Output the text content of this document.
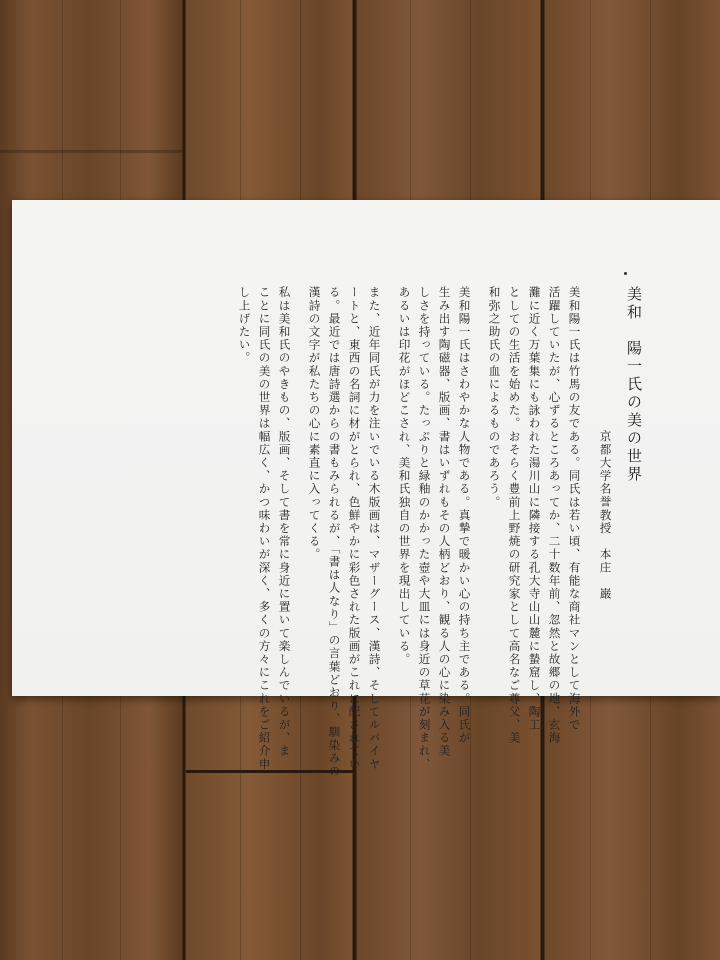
美和　陽一氏の美の世界
京都大学名誉教授
本庄　巌
美和陽一氏は竹馬の友である。同氏は若い頃、有能な商社マンとして海外で
活躍していたが、心ずるところあってか、二十数年前、忽然と故郷の地、玄海
灘に近く万葉集にも詠われた湯川山に隣接する孔大寺山山麓に蟄窟し、陶工
としての生活を始めた。おそらく豊前上野焼の研究家として高名なご尊父、美
和弥之助氏の血によるものであろう。
美和陽一氏はさわやかな人物である。真摯で暖かい心の持ち主である。同氏が
生み出す陶磁器、版画、書はいずれもその人柄どおり、観る人の心に染み入る美
しさを持っている。たっぷりと緑釉のかかった壺や大皿には身近の草花が刻まれ、
あるいは印花がほどこされ、美和氏独自の世界を現出している。
また、近年同氏が力を注いでいる木版画は、マザーグース、漢詩、そしてルバイヤ
ートと、東西の名詞に材がとられ、色鮮やかに彩色された版画がこれに配されてい
る。最近では唐詩選からの書もみられるが、「書は人なり」の言葉どおり、馴染みの
漢詩の文字が私たちの心に素直に入ってくる。
私は美和氏のやきもの、版画、そして書を常に身近に置いて楽しんでいるが、ま
ことに同氏の美の世界は幅広く、かつ味わいが深く、多くの方々にこれをご紹介申
し上げたい。
